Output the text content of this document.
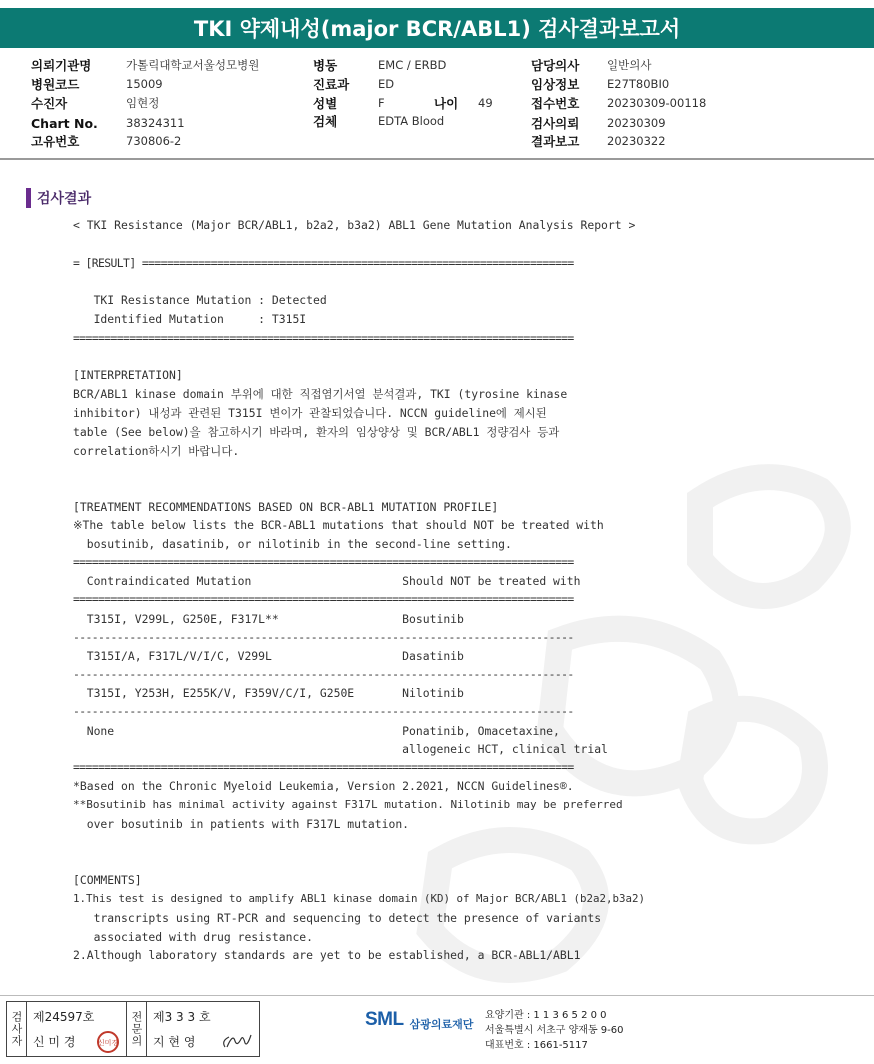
TKI 약제내성(major BCR/ABL1) 검사결과보고서
의뢰기관명	가톨릭대학교서울성모병원
병원코드	15009
수진자	임현정
Chart No.	38324311
고유번호	730806-2
병동	EMC / ERBD
진료과	ED
성별	F	나이	49
검체	EDTA Blood
담당의사	일반의사
임상정보	E27T80BI0
접수번호	20230309-00118
검사의뢰	20230309
결과보고	20230322
검사결과
< TKI Resistance (Major BCR/ABL1, b2a2, b3a2) ABL1 Gene Mutation Analysis Report >
= [RESULT] =====================================================================
TKI Resistance Mutation : Detected
Identified Mutation     : T315I
================================================================================
[INTERPRETATION]
BCR/ABL1 kinase domain 부위에 대한 직접염기서열 분석결과, TKI (tyrosine kinase
inhibitor) 내성과 관련된 T315I 변이가 관찰되었습니다. NCCN guideline에 제시된
table (See below)을 참고하시기 바라며, 환자의 임상양상 및 BCR/ABL1 정량검사 등과
correlation하시기 바랍니다.
[TREATMENT RECOMMENDATIONS BASED ON BCR-ABL1 MUTATION PROFILE]
※The table below lists the BCR-ABL1 mutations that should NOT be treated with
bosutinib, dasatinib, or nilotinib in the second-line setting.
================================================================================
Contraindicated Mutation                      Should NOT be treated with
================================================================================
T315I, V299L, G250E, F317L**                  Bosutinib
--------------------------------------------------------------------------------
T315I/A, F317L/V/I/C, V299L                   Dasatinib
--------------------------------------------------------------------------------
T315I, Y253H, E255K/V, F359V/C/I, G250E       Nilotinib
--------------------------------------------------------------------------------
None                                          Ponatinib, Omacetaxine,
allogeneic HCT, clinical trial
================================================================================
*Based on the Chronic Myeloid Leukemia, Version 2.2021, NCCN Guidelines®.
**Bosutinib has minimal activity against F317L mutation. Nilotinib may be preferred
over bosutinib in patients with F317L mutation.
[COMMENTS]
1.This test is designed to amplify ABL1 kinase domain (KD) of Major BCR/ABL1 (b2a2,b3a2)
transcripts using RT-PCR and sequencing to detect the presence of variants
associated with drug resistance.
2.Although laboratory standards are yet to be established, a BCR-ABL1/ABL1
검사자 제24597호
신 미 경	신미경 전문의 제3 3 3 호
지 현 영
SML 삼광의료재단
요양기관 : 1 1 3 6 5 2 0 0
서울특별시 서초구 양재동 9-60
대표번호 : 1661-5117
